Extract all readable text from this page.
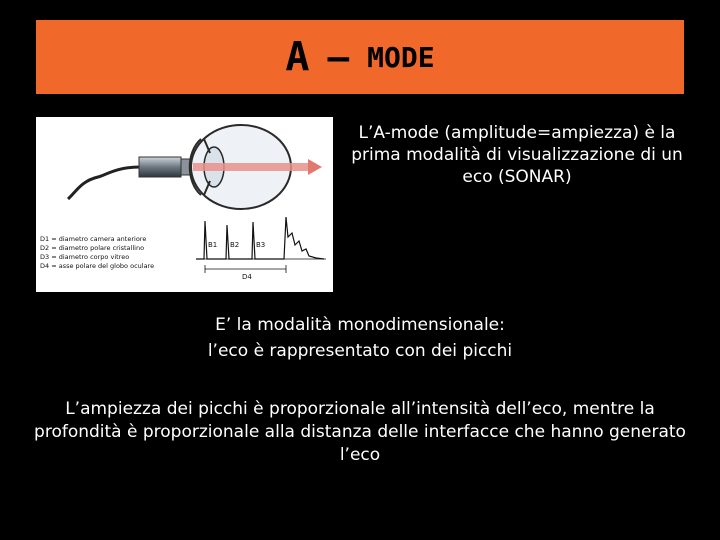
A – MODE
D1 = diametro camera anteriore
D2 = diametro polare cristallino
D3 = diametro corpo vitreo
D4 = asse polare del globo oculare
B1 B2 B3
D4
L’A-mode (amplitude=ampiezza) è la prima modalità di visualizzazione di un eco (SONAR)
E’ la modalità monodimensionale:
l’eco è rappresentato con dei picchi
L’ampiezza dei picchi è proporzionale all’intensità dell’eco, mentre la profondità è proporzionale alla distanza delle interfacce che hanno generato l’eco
